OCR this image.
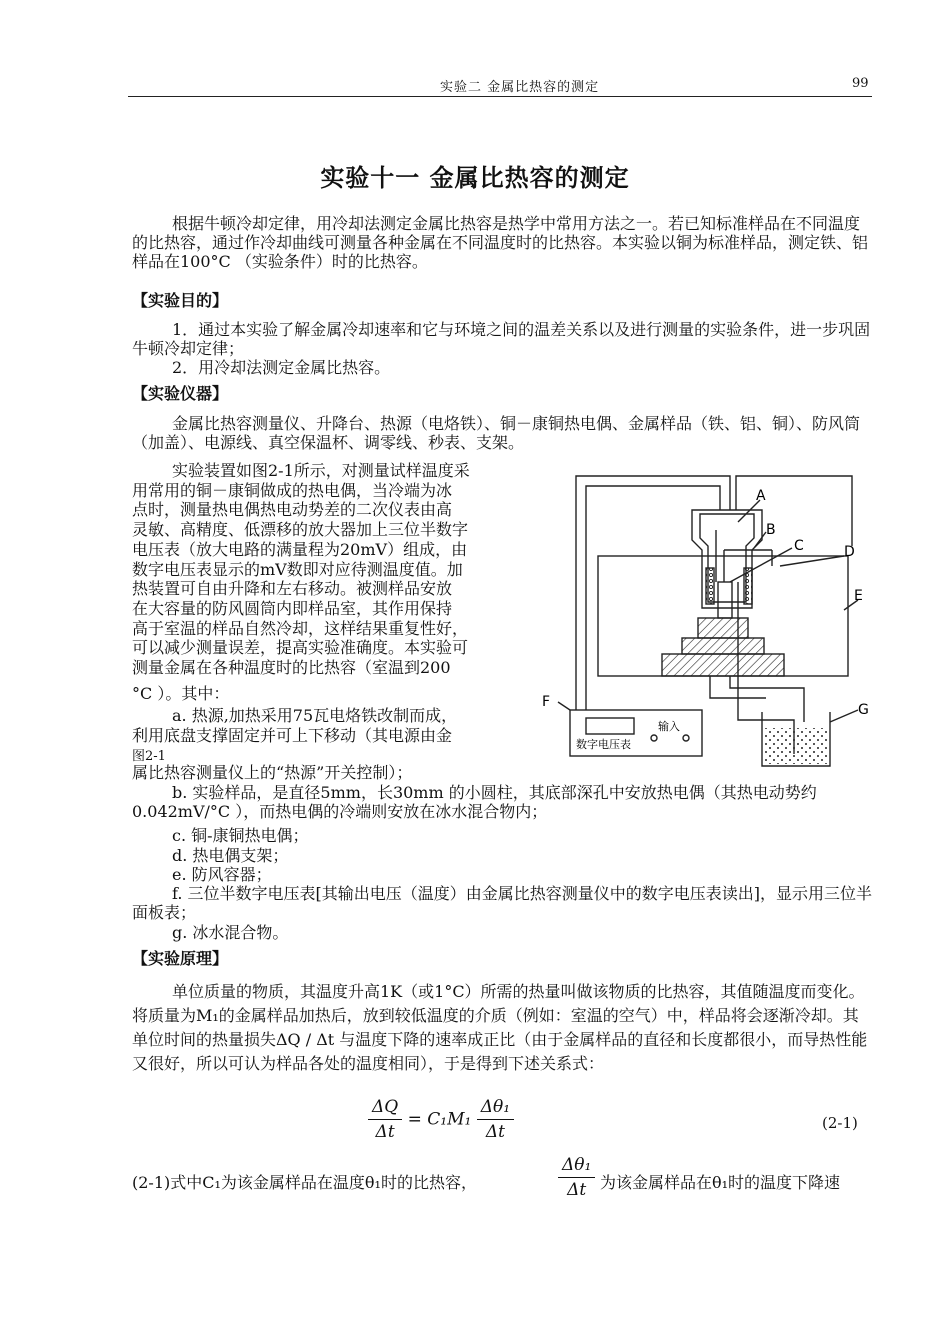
实验二 金属比热容的测定	99
实验十一 金属比热容的测定
根据牛顿冷却定律，用冷却法测定金属比热容是热学中常用方法之一。若已知标准样品在不同温度的比热容，通过作冷却曲线可测量各种金属在不同温度时的比热容。本实验以铜为标准样品，测定铁、铝样品在100°C （实验条件）时的比热容。
【实验目的】
1．通过本实验了解金属冷却速率和它与环境之间的温差关系以及进行测量的实验条件，进一步巩固牛顿冷却定律；
2．用冷却法测定金属比热容。
【实验仪器】
金属比热容测量仪、升降台、热源（电烙铁）、铜－康铜热电偶、金属样品（铁、铝、铜）、防风筒（加盖）、电源线、真空保温杯、调零线、秒表、支架。
实验装置如图2-1所示，对测量试样温度采
用常用的铜－康铜做成的热电偶，当冷端为冰
点时，测量热电偶热电动势差的二次仪表由高
灵敏、高精度、低漂移的放大器加上三位半数字
电压表（放大电路的满量程为20mV）组成，由
数字电压表显示的mV数即对应待测温度值。加
热装置可自由升降和左右移动。被测样品安放
在大容量的防风圆筒内即样品室，其作用保持
高于室温的样品自然冷却，这样结果重复性好，
可以减少测量误差，提高实验准确度。本实验可
测量金属在各种温度时的比热容（室温到200
°C ）。其中：
a. 热源,加热采用75瓦电烙铁改制而成，
利用底盘支撑固定并可上下移动（其电源由金
图2-1
属比热容测量仪上的“热源”开关控制）；
b. 实验样品，是直径5mm，长30mm 的小圆柱，其底部深孔中安放热电偶（其热电动势约0.042mV/°C ），而热电偶的冷端则安放在冰水混合物内；
c. 铜-康铜热电偶；
d. 热电偶支架；
e. 防风容器；
f. 三位半数字电压表[其输出电压（温度）由金属比热容测量仪中的数字电压表读出]，显示用三位半面板表；
g. 冰水混合物。
【实验原理】
单位质量的物质，其温度升高1K（或1°C）所需的热量叫做该物质的比热容，其值随温度而变化。将质量为M₁的金属样品加热后，放到较低温度的介质（例如：室温的空气）中，样品将会逐渐冷却。其单位时间的热量损失ΔQ / Δt 与温度下降的速率成正比（由于金属样品的直径和长度都很小，而导热性能又很好，所以可认为样品各处的温度相同），于是得到下述关系式：
$\frac{\Delta Q}{\Delta t} = C_1M_1 \frac{\text{Δθ₁}}{\Delta t}$	(2-1)
(2-1)式中C₁为该金属样品在温度θ₁时的比热容，	$\frac{\text{Δθ₁}}{\Delta t}$ 为该金属样品在θ₁时的温度下降速
A
B
C	D
E
F	G
输入
数字电压表
